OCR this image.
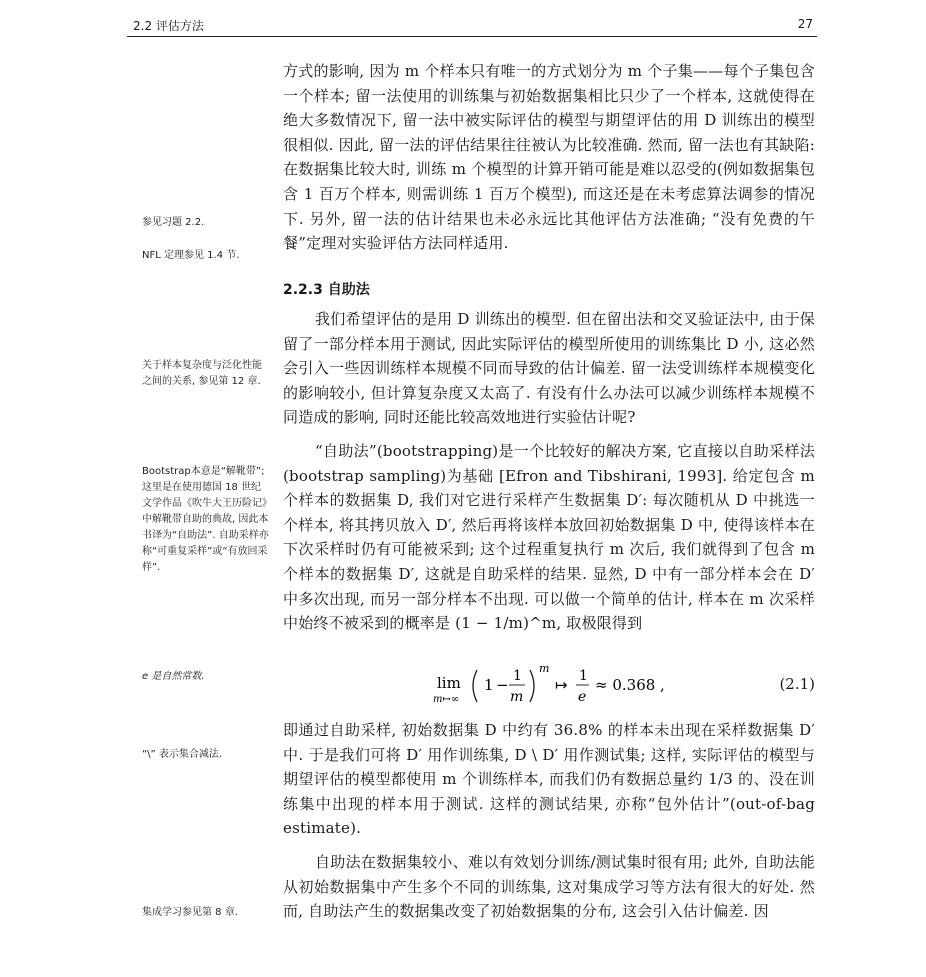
2.2 评估方法	27
方式的影响, 因为 m 个样本只有唯一的方式划分为 m 个子集——每个子集包含一个样本; 留一法使用的训练集与初始数据集相比只少了一个样本, 这就使得在绝大多数情况下, 留一法中被实际评估的模型与期望评估的用 D 训练出的模型很相似. 因此, 留一法的评估结果往往被认为比较准确. 然而, 留一法也有其缺陷: 在数据集比较大时, 训练 m 个模型的计算开销可能是难以忍受的(例如数据集包含 1 百万个样本, 则需训练 1 百万个模型), 而这还是在未考虑算法调参的情况下. 另外, 留一法的估计结果也未必永远比其他评估方法准确; “没有免费的午餐”定理对实验评估方法同样适用.
我们希望评估的是用 D 训练出的模型. 但在留出法和交叉验证法中, 由于保留了一部分样本用于测试, 因此实际评估的模型所使用的训练集比 D 小, 这必然会引入一些因训练样本规模不同而导致的估计偏差. 留一法受训练样本规模变化的影响较小, 但计算复杂度又太高了. 有没有什么办法可以减少训练样本规模不同造成的影响, 同时还能比较高效地进行实验估计呢?
“自助法”(bootstrapping)是一个比较好的解决方案, 它直接以自助采样法(bootstrap sampling)为基础 [Efron and Tibshirani, 1993]. 给定包含 m 个样本的数据集 D, 我们对它进行采样产生数据集 D′: 每次随机从 D 中挑选一个样本, 将其拷贝放入 D′, 然后再将该样本放回初始数据集 D 中, 使得该样本在下次采样时仍有可能被采到; 这个过程重复执行 m 次后, 我们就得到了包含 m 个样本的数据集 D′, 这就是自助采样的结果. 显然, D 中有一部分样本会在 D′ 中多次出现, 而另一部分样本不出现. 可以做一个简单的估计, 样本在 m 次采样中始终不被采到的概率是 (1 − 1/m)^m, 取极限得到
即通过自助采样, 初始数据集 D 中约有 36.8% 的样本未出现在采样数据集 D′ 中. 于是我们可将 D′ 用作训练集, D \ D′ 用作测试集; 这样, 实际评估的模型与期望评估的模型都使用 m 个训练样本, 而我们仍有数据总量约 1/3 的、没在训练集中出现的样本用于测试. 这样的测试结果, 亦称“包外估计”(out-of-bag estimate).
自助法在数据集较小、难以有效划分训练/测试集时很有用; 此外, 自助法能从初始数据集中产生多个不同的训练集, 这对集成学习等方法有很大的好处. 然而, 自助法产生的数据集改变了初始数据集的分布, 这会引入估计偏差. 因
2.2.3 自助法
lim
m↦∞
1 − 1
m
m
↦ 1
e
≈ 0.368 ,	(2.1)
参见习题 2.2.
NFL 定理参见 1.4 节.
关于样本复杂度与泛化性能之间的关系, 参见第 12 章.
Bootstrap本意是“解靴带”; 这里是在使用德国 18 世纪文学作品《吹牛大王历险记》中解靴带自助的典故, 因此本书译为“自助法”. 自助采样亦称“可重复采样”或“有放回采样”.
e 是自然常数.
“\” 表示集合减法.
集成学习参见第 8 章.
